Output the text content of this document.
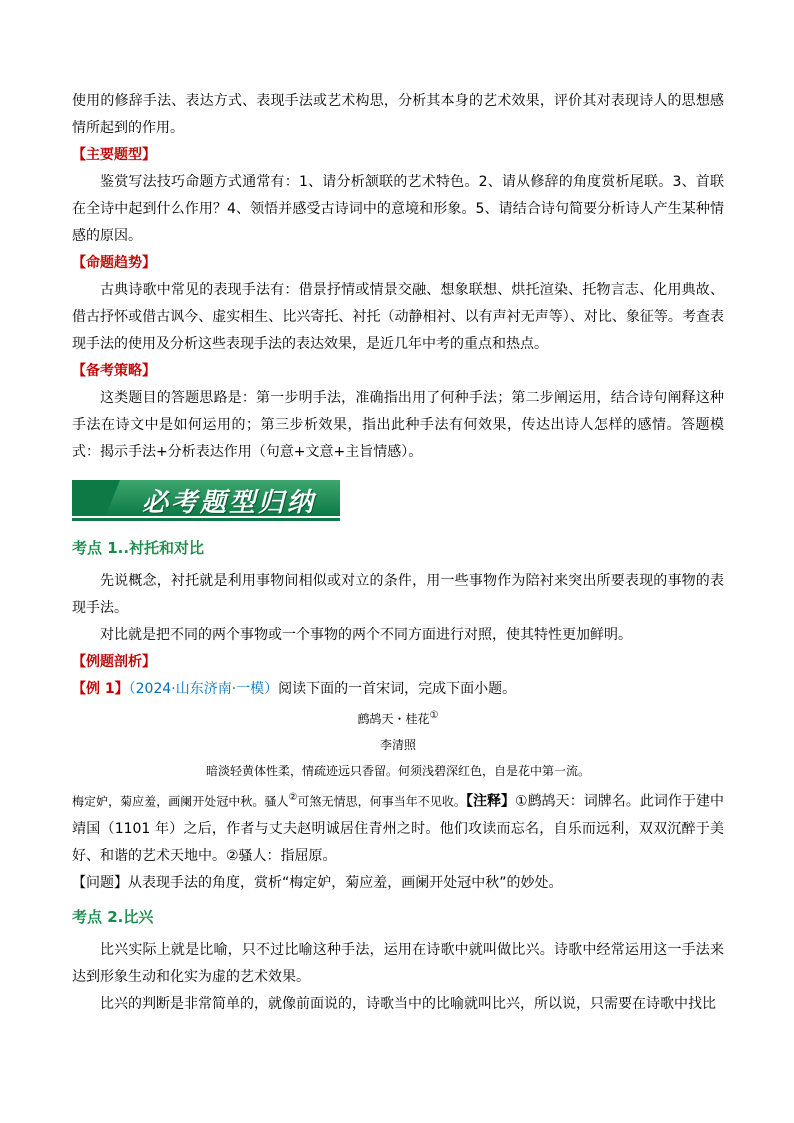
使用的修辞手法、表达方式、表现手法或艺术构思，分析其本身的艺术效果，评价其对表现诗人的思想感情所起到的作用。

【主要题型】

鉴赏写法技巧命题方式通常有：1、请分析颔联的艺术特色。2、请从修辞的角度赏析尾联。3、首联在全诗中起到什么作用？4、领悟并感受古诗词中的意境和形象。5、请结合诗句简要分析诗人产生某种情感的原因。

【命题趋势】

古典诗歌中常见的表现手法有：借景抒情或情景交融、想象联想、烘托渲染、托物言志、化用典故、借古抒怀或借古讽今、虚实相生、比兴寄托、衬托（动静相衬、以有声衬无声等）、对比、象征等。考查表现手法的使用及分析这些表现手法的表达效果，是近几年中考的重点和热点。

【备考策略】

这类题目的答题思路是：第一步明手法，准确指出用了何种手法；第二步阐运用，结合诗句阐释这种手法在诗文中是如何运用的；第三步析效果，指出此种手法有何效果，传达出诗人怎样的感情。答题模式：揭示手法+分析表达作用（句意+文意+主旨情感）。

必考题型归纳
考点 1..衬托和对比

先说概念，衬托就是利用事物间相似或对立的条件，用一些事物作为陪衬来突出所要表现的事物的表现手法。

对比就是把不同的两个事物或一个事物的两个不同方面进行对照，使其特性更加鲜明。

【例题剖析】

【例 1】（2024·山东济南·一模）阅读下面的一首宋词，完成下面小题。

鹧鸪天・桂花①

李清照

暗淡轻黄体性柔，情疏迹远只香留。何须浅碧深红色，自是花中第一流。

梅定妒，菊应羞，画阑开处冠中秋。骚人②可煞无情思，何事当年不见收。【注释】①鹧鸪天：词牌名。此词作于建中靖国（1101 年）之后，作者与丈夫赵明诚居住青州之时。他们攻读而忘名，自乐而远利，双双沉醉于美好、和谐的艺术天地中。②骚人：指屈原。

【问题】从表现手法的角度，赏析“梅定妒，菊应羞，画阑开处冠中秋”的妙处。

考点 2.比兴

比兴实际上就是比喻，只不过比喻这种手法，运用在诗歌中就叫做比兴。诗歌中经常运用这一手法来达到形象生动和化实为虚的艺术效果。

比兴的判断是非常简单的，就像前面说的，诗歌当中的比喻就叫比兴，所以说，只需要在诗歌中找比
